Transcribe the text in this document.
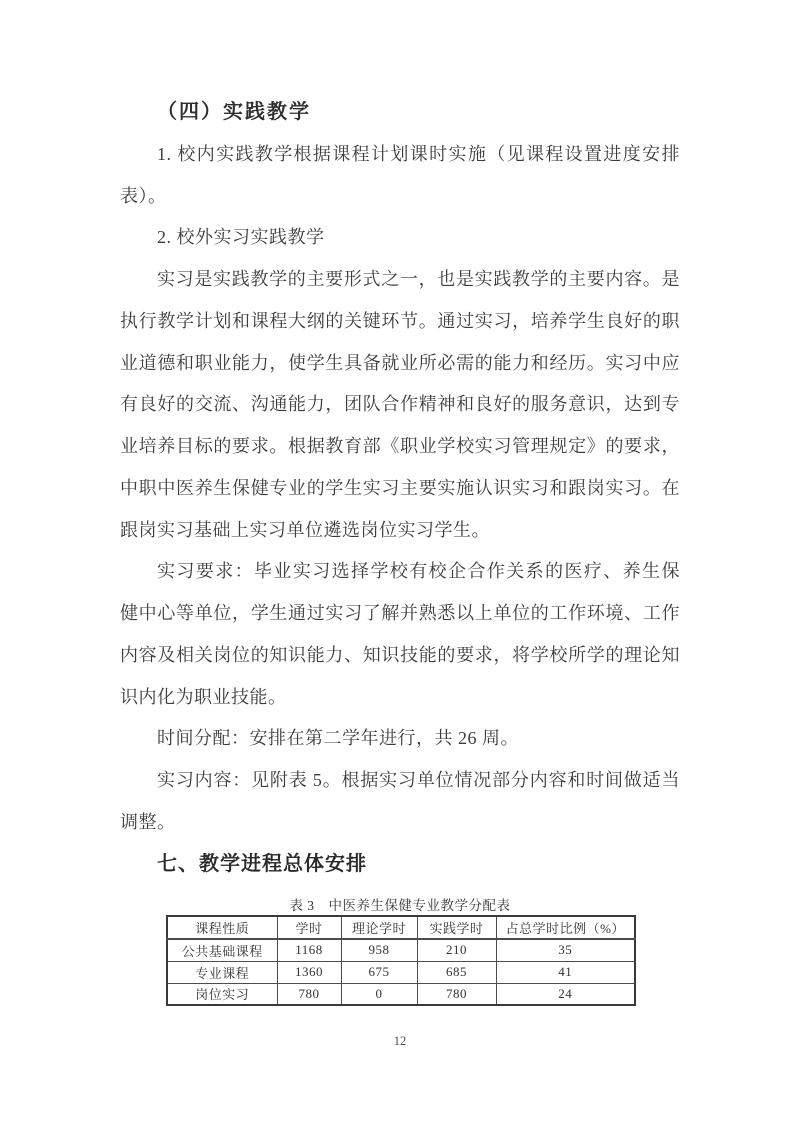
（四）实践教学
1. 校内实践教学根据课程计划课时实施（见课程设置进度安排
表）。
2. 校外实习实践教学
实习是实践教学的主要形式之一，也是实践教学的主要内容。是
执行教学计划和课程大纲的关键环节。通过实习，培养学生良好的职
业道德和职业能力，使学生具备就业所必需的能力和经历。实习中应
有良好的交流、沟通能力，团队合作精神和良好的服务意识，达到专
业培养目标的要求。根据教育部《职业学校实习管理规定》的要求，
中职中医养生保健专业的学生实习主要实施认识实习和跟岗实习。在
跟岗实习基础上实习单位遴选岗位实习学生。
实习要求：毕业实习选择学校有校企合作关系的医疗、养生保
健中心等单位，学生通过实习了解并熟悉以上单位的工作环境、工作
内容及相关岗位的知识能力、知识技能的要求，将学校所学的理论知
识内化为职业技能。
时间分配：安排在第二学年进行，共 26 周。
实习内容：见附表 5。根据实习单位情况部分内容和时间做适当
调整。
七、教学进程总体安排
表 3　中医养生保健专业教学分配表
课程性质	学时	理论学时	实践学时	占总学时比例（%）
公共基础课程	1168	958	210	35
专业课程	1360	675	685	41
岗位实习	780	0	780	24
12
